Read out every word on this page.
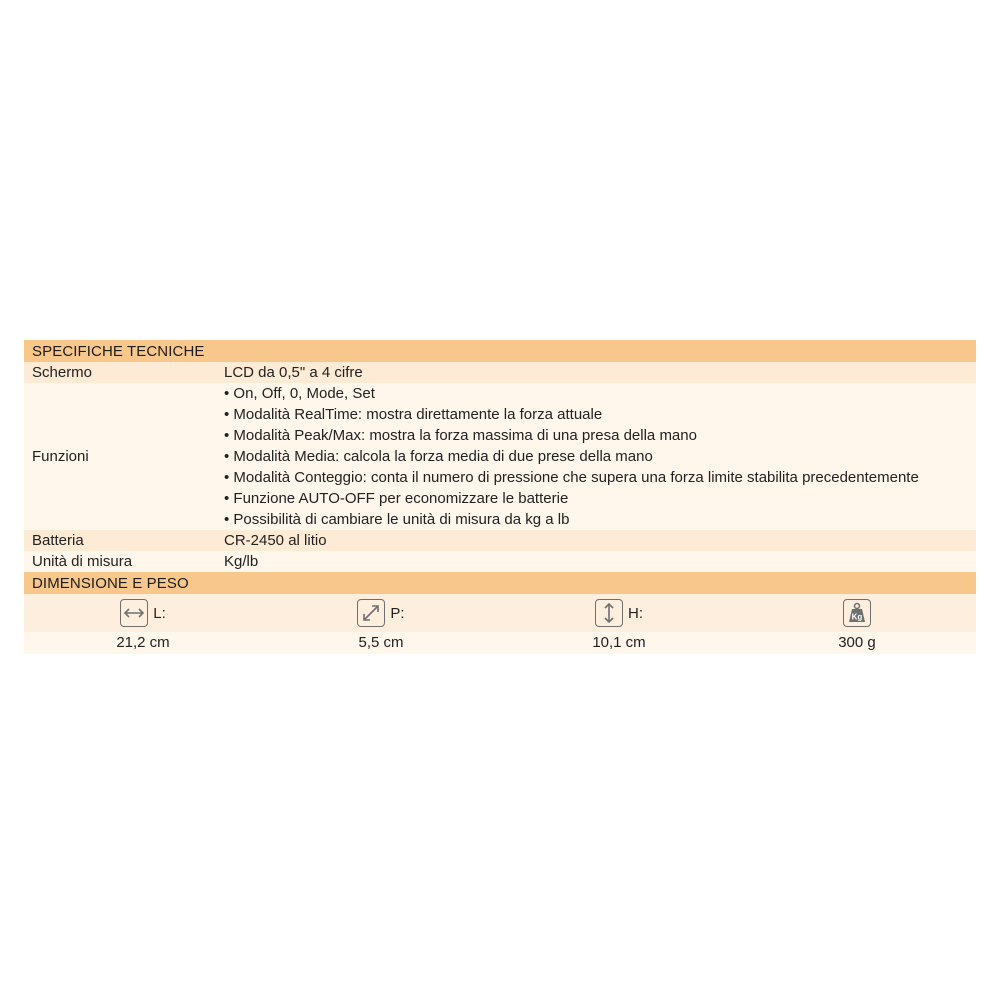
SPECIFICHE TECNICHE
Schermo	LCD da 0,5" a 4 cifre
Funzioni
• On, Off, 0, Mode, Set
• Modalità RealTime: mostra direttamente la forza attuale
• Modalità Peak/Max: mostra la forza massima di una presa della mano
• Modalità Media: calcola la forza media di due prese della mano
• Modalità Conteggio: conta il numero di pressione che supera una forza limite stabilita precedentemente
• Funzione AUTO-OFF per economizzare le batterie
• Possibilità di cambiare le unità di misura da kg a lb
Batteria	CR-2450 al litio
Unità di misura	Kg/lb
DIMENSIONE E PESO
L:	P:	H:	Kg
21,2 cm	5,5 cm	10,1 cm	300 g
